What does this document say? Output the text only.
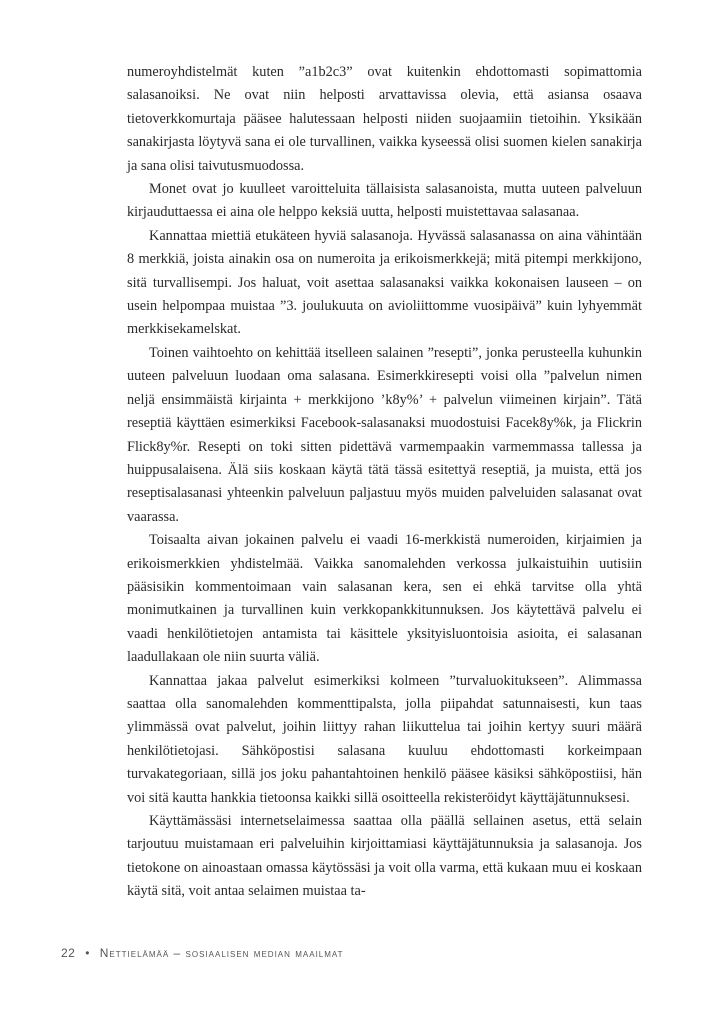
numeroyhdistelmät kuten ”a1b2c3” ovat kuitenkin ehdottomasti sopimattomia salasanoiksi. Ne ovat niin helposti arvattavissa olevia, että asiansa osaava tietoverkkomurtaja pääsee halutessaan helposti niiden suojaamiin tietoihin. Yksikään sanakirjasta löytyvä sana ei ole turvallinen, vaikka kyseessä olisi suomen kielen sanakirja ja sana olisi taivutusmuodossa.

Monet ovat jo kuulleet varoitteluita tällaisista salasanoista, mutta uuteen palveluun kirjauduttaessa ei aina ole helppo keksiä uutta, helposti muistettavaa salasanaa.

Kannattaa miettiä etukäteen hyviä salasanoja. Hyvässä salasanassa on aina vähintään 8 merkkiä, joista ainakin osa on numeroita ja erikoismerkkejä; mitä pitempi merkkijono, sitä turvallisempi. Jos haluat, voit asettaa salasanaksi vaikka kokonaisen lauseen – on usein helpompaa muistaa ”3. joulukuuta on avioliittomme vuosipäivä” kuin lyhyemmät merkkisekamelskat.

Toinen vaihtoehto on kehittää itselleen salainen ”resepti”, jonka perusteella kuhunkin uuteen palveluun luodaan oma salasana. Esimerkkiresepti voisi olla ”palvelun nimen neljä ensimmäistä kirjainta + merkkijono ’k8y%’ + palvelun viimeinen kirjain”. Tätä reseptiä käyttäen esimerkiksi Facebook-salasanaksi muodostuisi Facek8y%k, ja Flickrin Flick8y%r. Resepti on toki sitten pidettävä varmempaakin varmemmassa tallessa ja huippusalaisena. Älä siis koskaan käytä tätä tässä esitettyä reseptiä, ja muista, että jos reseptisalasanasi yhteenkin palveluun paljastuu myös muiden palveluiden salasanat ovat vaarassa.

Toisaalta aivan jokainen palvelu ei vaadi 16-merkkistä numeroiden, kirjaimien ja erikoismerkkien yhdistelmää. Vaikka sanomalehden verkossa julkaistuihin uutisiin pääsisikin kommentoimaan vain salasanan kera, sen ei ehkä tarvitse olla yhtä monimutkainen ja turvallinen kuin verkkopankkitunnuksen. Jos käytettävä palvelu ei vaadi henkilötietojen antamista tai käsittele yksityisluontoisia asioita, ei salasanan laadullakaan ole niin suurta väliä.

Kannattaa jakaa palvelut esimerkiksi kolmeen ”turvaluokitukseen”. Alimmassa saattaa olla sanomalehden kommenttipalsta, jolla piipahdat satunnaisesti, kun taas ylimmässä ovat palvelut, joihin liittyy rahan liikuttelua tai joihin kertyy suuri määrä henkilötietojasi. Sähköpostisi salasana kuuluu ehdottomasti korkeimpaan turvakategoriaan, sillä jos joku pahantahtoinen henkilö pääsee käsiksi sähköpostiisi, hän voi sitä kautta hankkia tietoonsa kaikki sillä osoitteella rekisteröidyt käyttäjätunnuksesi.

Käyttämässäsi internetselaimessa saattaa olla päällä sellainen asetus, että selain tarjoutuu muistamaan eri palveluihin kirjoittamiasi käyttäjätunnuksia ja salasanoja. Jos tietokone on ainoastaan omassa käytössäsi ja voit olla varma, että kukaan muu ei koskaan käytä sitä, voit antaa selaimen muistaa ta-

22 • Nettielämää – sosiaalisen median maailmat
